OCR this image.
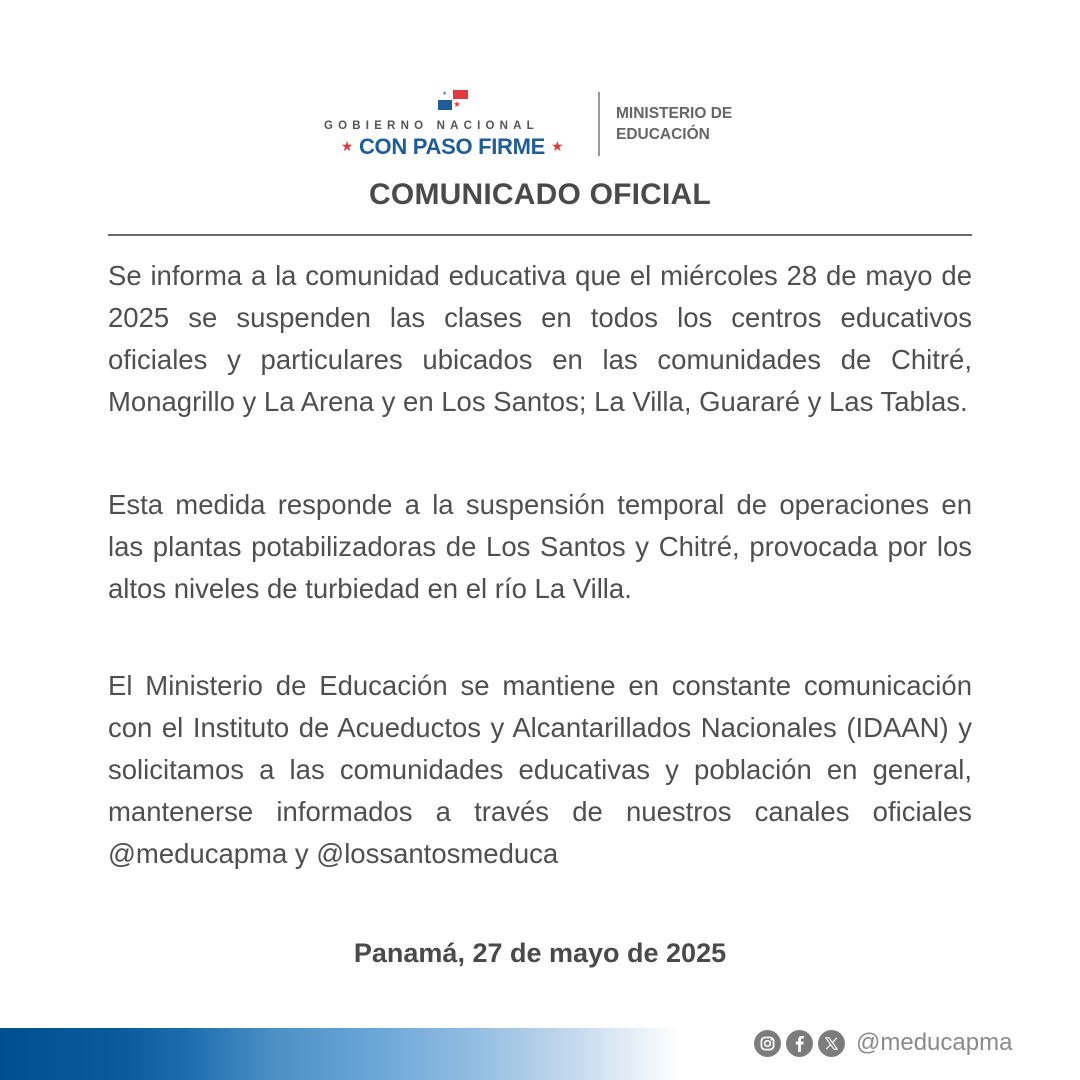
GOBIERNO NACIONAL
★ CON PASO FIRME ★
MINISTERIO DE
EDUCACIÓN
COMUNICADO OFICIAL

Se informa a la comunidad educativa que el miércoles 28 de mayo de 2025 se suspenden las clases en todos los centros educativos oficiales y particulares ubicados en las comunidades de Chitré, Monagrillo y La Arena y en Los Santos; La Villa, Guararé y Las Tablas.

Esta medida responde a la suspensión temporal de operaciones en las plantas potabilizadoras de Los Santos y Chitré, provocada por los altos niveles de turbiedad en el río La Villa.

El Ministerio de Educación se mantiene en constante comunicación con el Instituto de Acueductos y Alcantarillados Nacionales (IDAAN) y solicitamos a las comunidades educativas y población en general, mantenerse informados a través de nuestros canales oficiales @meducapma y @lossantosmeduca

Panamá, 27 de mayo de 2025
@meducapma
